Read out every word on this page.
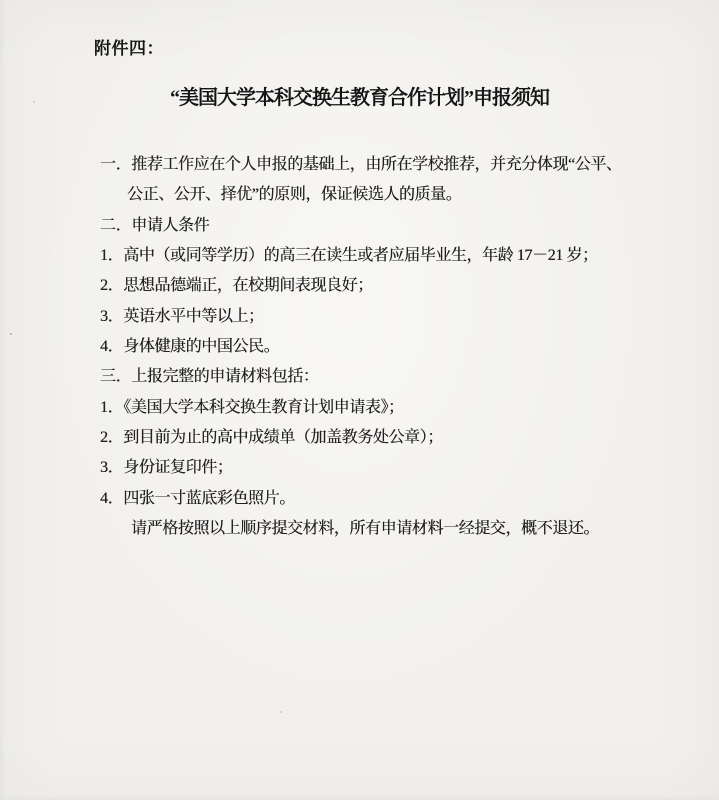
附件四：
“美国大学本科交换生教育合作计划”申报须知
一．推荐工作应在个人申报的基础上，由所在学校推荐，并充分体现“公平、
公正、公开、择优”的原则，保证候选人的质量。
二．申请人条件
1．高中（或同等学历）的高三在读生或者应届毕业生，年龄 17－21 岁；
2．思想品德端正，在校期间表现良好；
3．英语水平中等以上；
4．身体健康的中国公民。
三．上报完整的申请材料包括：
1．《美国大学本科交换生教育计划申请表》；
2．到目前为止的高中成绩单（加盖教务处公章）；
3．身份证复印件；
4．四张一寸蓝底彩色照片。
请严格按照以上顺序提交材料，所有申请材料一经提交，概不退还。
